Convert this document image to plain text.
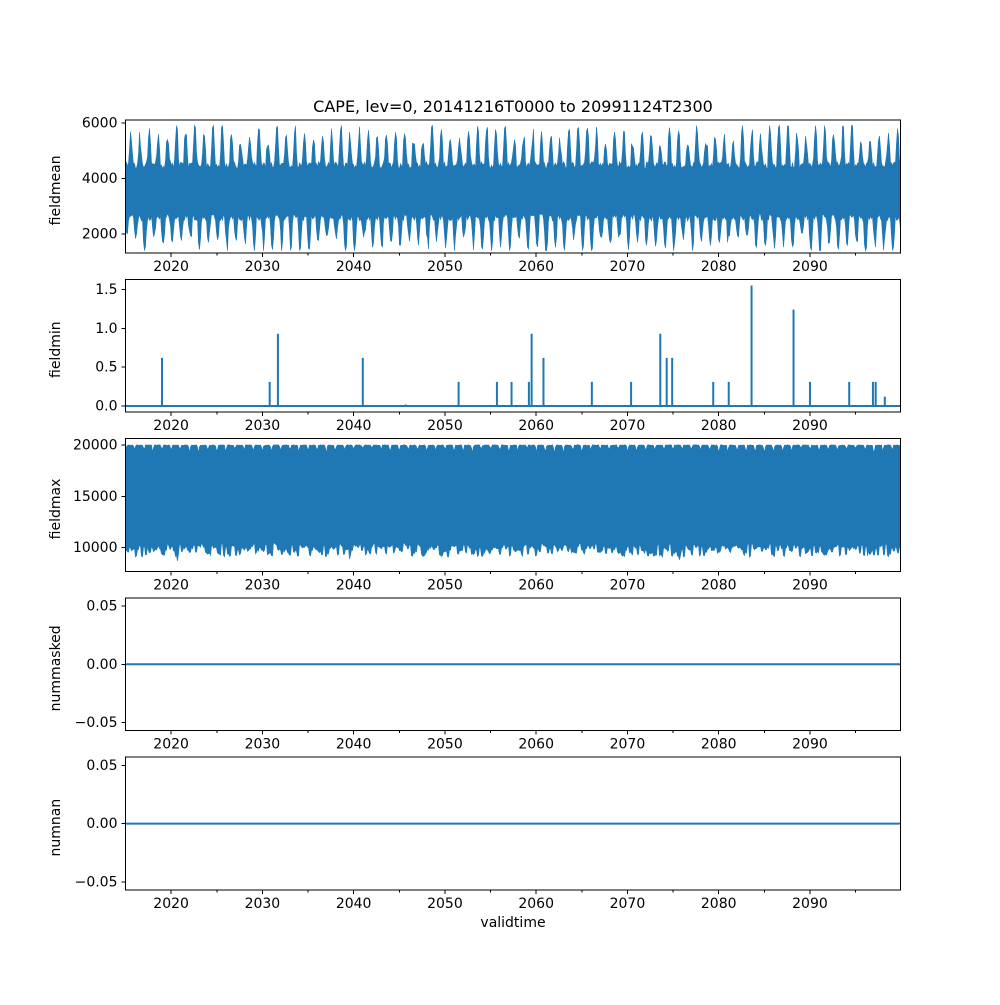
CAPE, lev=0, 20141216T0000 to 20991124T2300
validtime
2020	2030	2040	2050	2060	2070	2080	2090
2000
4000
6000
fieldmean
2020	2030	2040	2050	2060	2070	2080	2090
0.0
0.5
1.0
1.5
fieldmin
2020	2030	2040	2050	2060	2070	2080	2090
10000
15000
20000
fieldmax
2020	2030	2040	2050	2060	2070	2080	2090
−0.05
0.00
0.05
nummasked
2020	2030	2040	2050	2060	2070	2080	2090
−0.05
0.00
0.05
numnan
